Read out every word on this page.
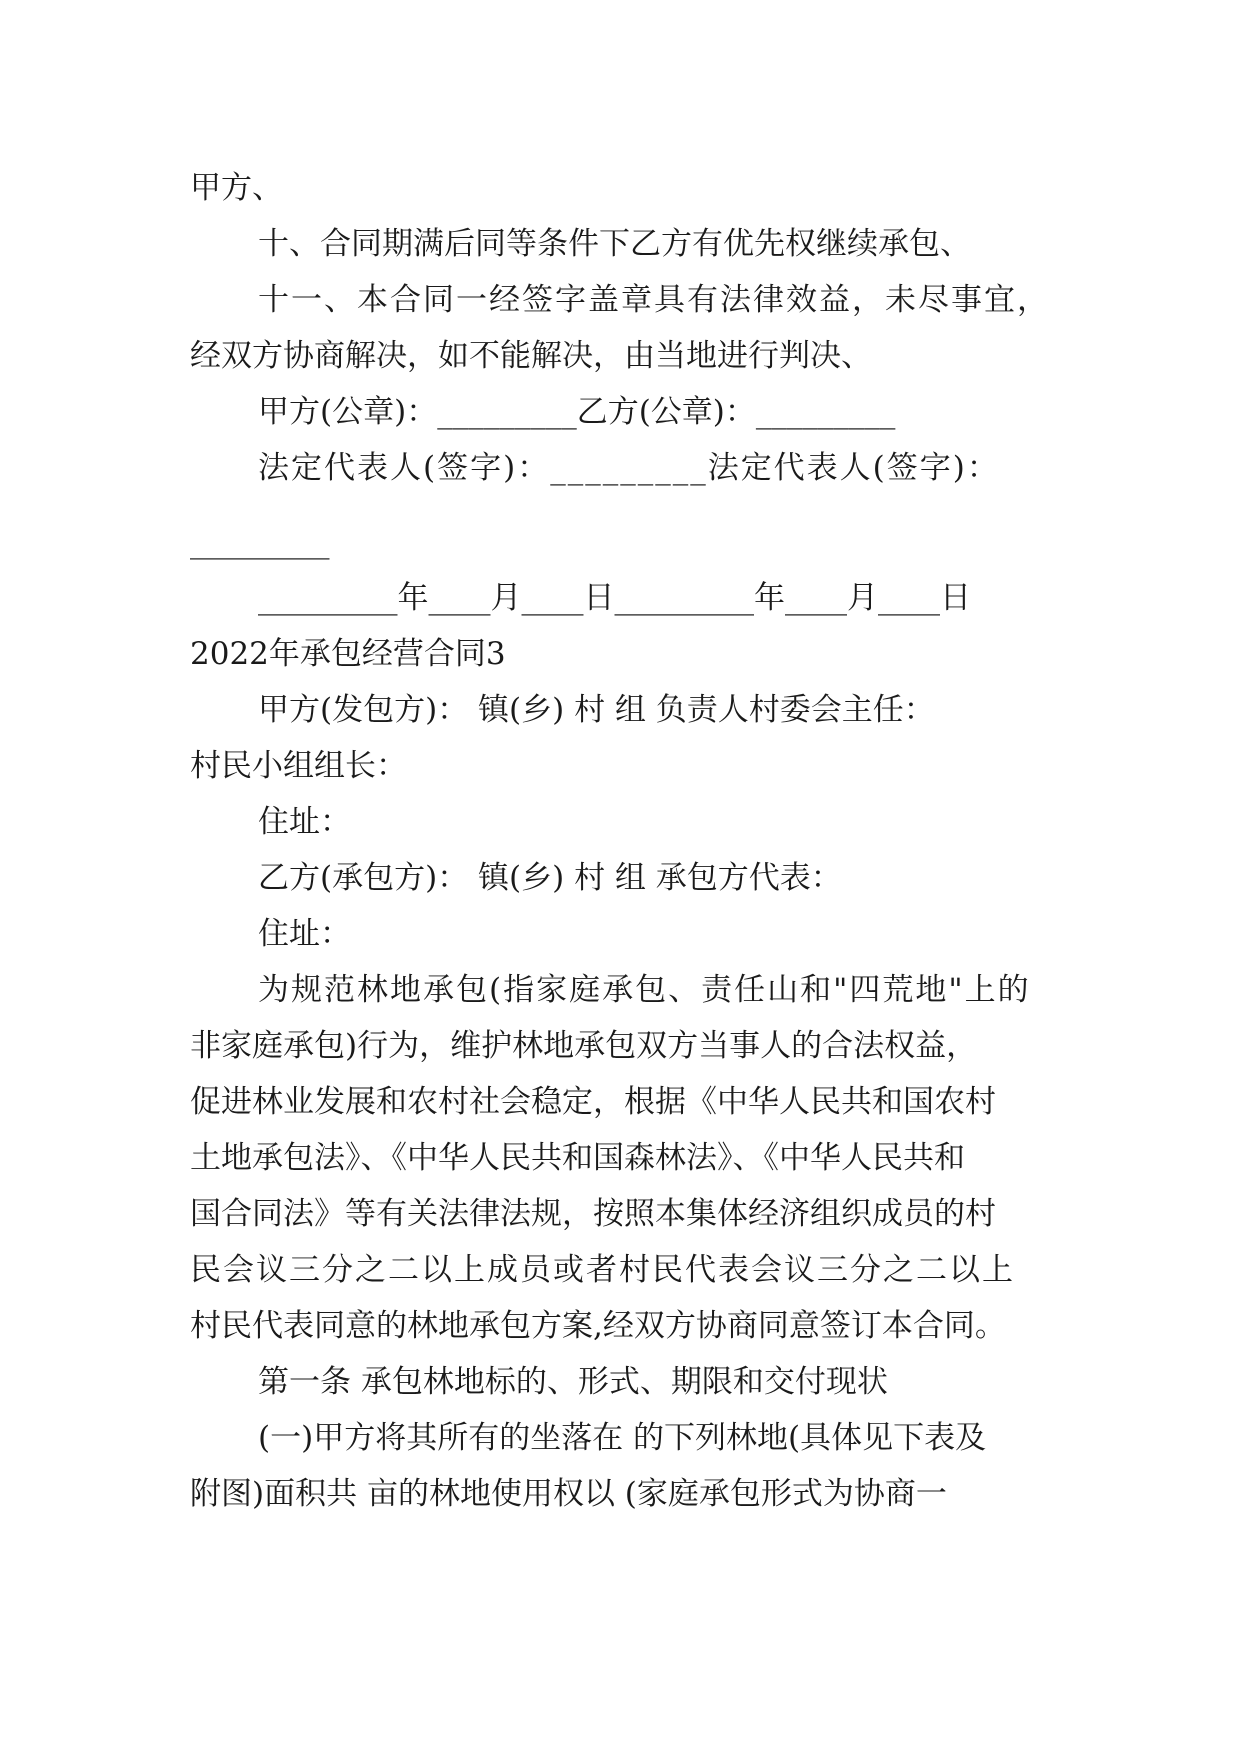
甲方、
十、合同期满后同等条件下乙方有优先权继续承包、
十一、本合同一经签字盖章具有法律效益，未尽事宜，
经双方协商解决，如不能解决，由当地进行判决、
甲方(公章)：_________乙方(公章)：_________
法定代表人(签字)：_________法定代表人(签字)：
_________
_________年____月____日_________年____月____日
2022年承包经营合同3
甲方(发包方)： 镇(乡) 村 组 负责人村委会主任：
村民小组组长：
住址：
乙方(承包方)： 镇(乡) 村 组 承包方代表：
住址：
为规范林地承包(指家庭承包、责任山和"四荒地"上的
非家庭承包)行为，维护林地承包双方当事人的合法权益，
促进林业发展和农村社会稳定，根据《中华人民共和国农村
土地承包法》、《中华人民共和国森林法》、《中华人民共和
国合同法》等有关法律法规，按照本集体经济组织成员的村
民会议三分之二以上成员或者村民代表会议三分之二以上
村民代表同意的林地承包方案,经双方协商同意签订本合同。
第一条 承包林地标的、形式、期限和交付现状
(一)甲方将其所有的坐落在 的下列林地(具体见下表及
附图)面积共 亩的林地使用权以 (家庭承包形式为协商一
